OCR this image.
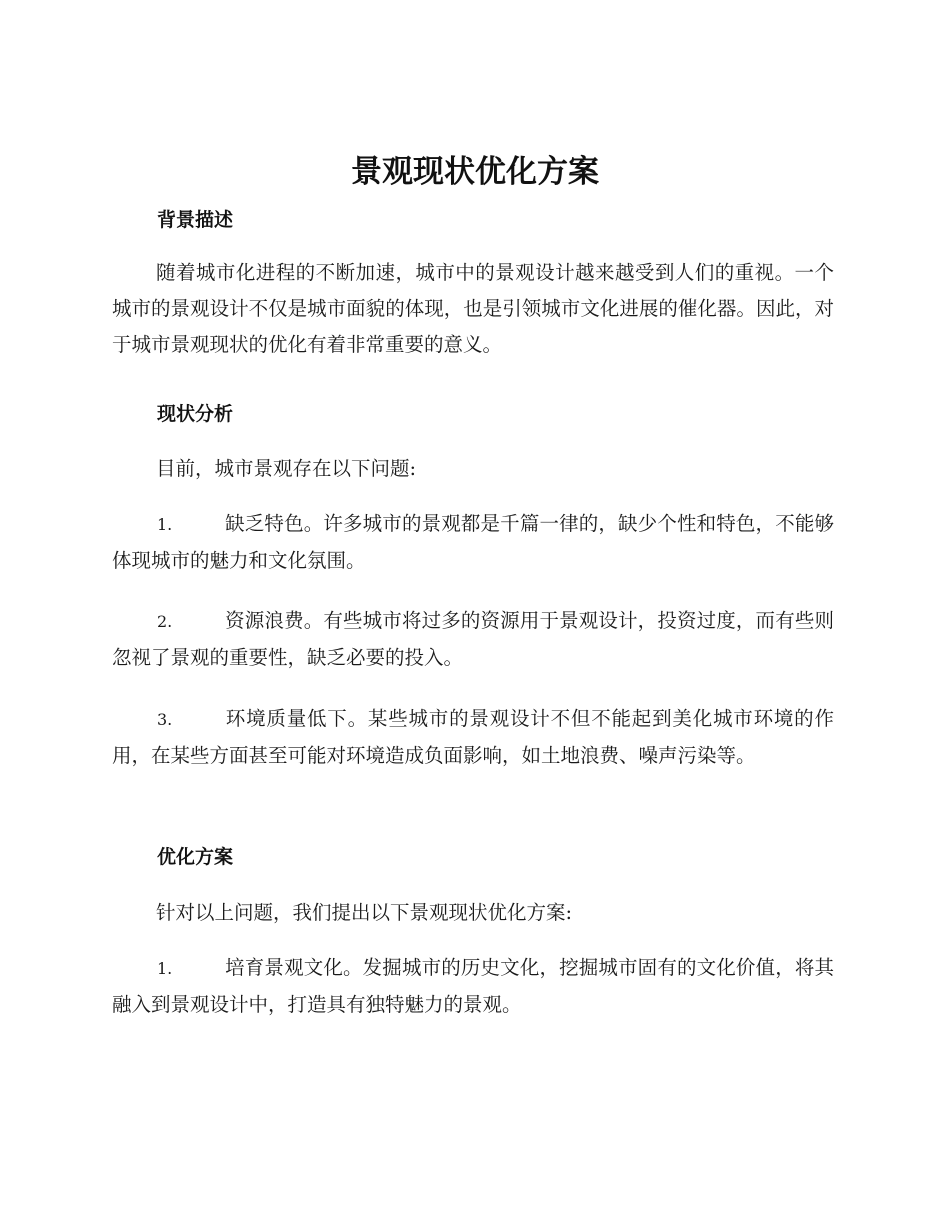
景观现状优化方案
背景描述

随着城市化进程的不断加速，城市中的景观设计越来越受到人们的重视。一个城市的景观设计不仅是城市面貌的体现，也是引领城市文化进展的催化器。因此，对于城市景观现状的优化有着非常重要的意义。

现状分析

目前，城市景观存在以下问题:

1.	缺乏特色。许多城市的景观都是千篇一律的，缺少个性和特色，不能够体现城市的魅力和文化氛围。

2.	资源浪费。有些城市将过多的资源用于景观设计，投资过度，而有些则忽视了景观的重要性，缺乏必要的投入。

3.	环境质量低下。某些城市的景观设计不但不能起到美化城市环境的作用，在某些方面甚至可能对环境造成负面影响，如土地浪费、噪声污染等。

优化方案

针对以上问题，我们提出以下景观现状优化方案:

1.	培育景观文化。发掘城市的历史文化，挖掘城市固有的文化价值，将其融入到景观设计中，打造具有独特魅力的景观。
